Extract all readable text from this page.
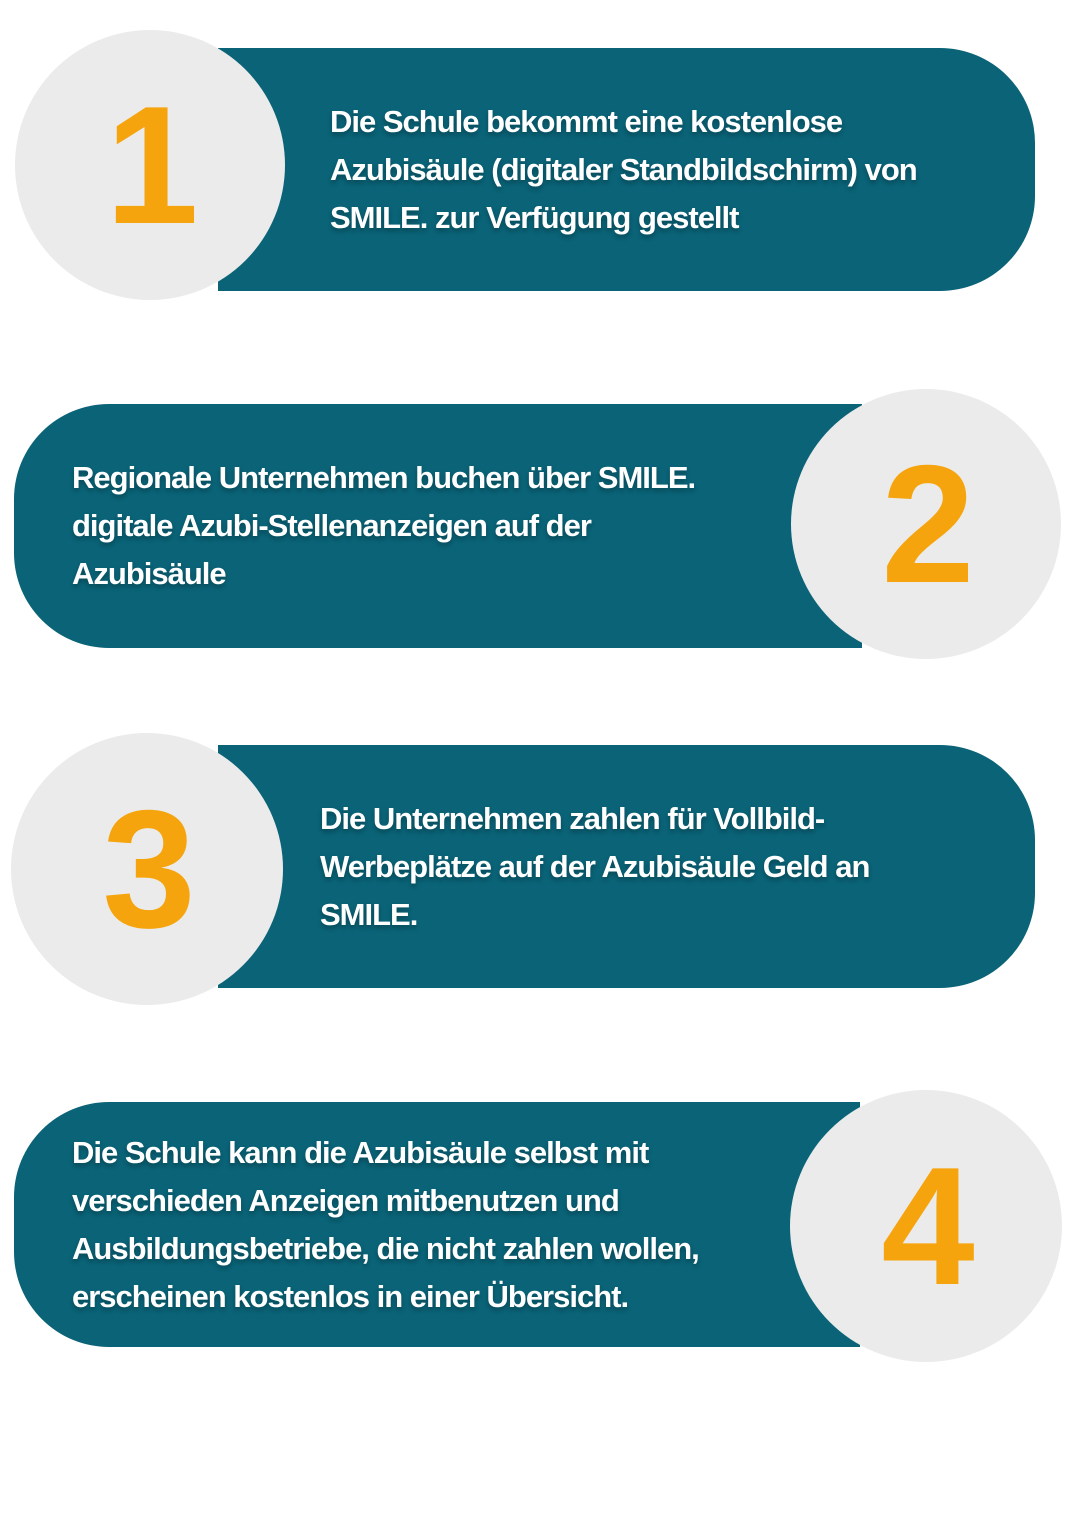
Die Schule bekommt eine kostenlose
Azubisäule (digitaler Standbildschirm) von
SMILE. zur Verfügung gestellt
1
Regionale Unternehmen buchen über SMILE.
digitale Azubi-Stellenanzeigen auf der
Azubisäule	2
Die Unternehmen zahlen für Vollbild-
Werbeplätze auf der Azubisäule Geld an
SMILE.
3
Die Schule kann die Azubisäule selbst mit
verschieden Anzeigen mitbenutzen und
Ausbildungsbetriebe, die nicht zahlen wollen,
erscheinen kostenlos in einer Übersicht.	4
